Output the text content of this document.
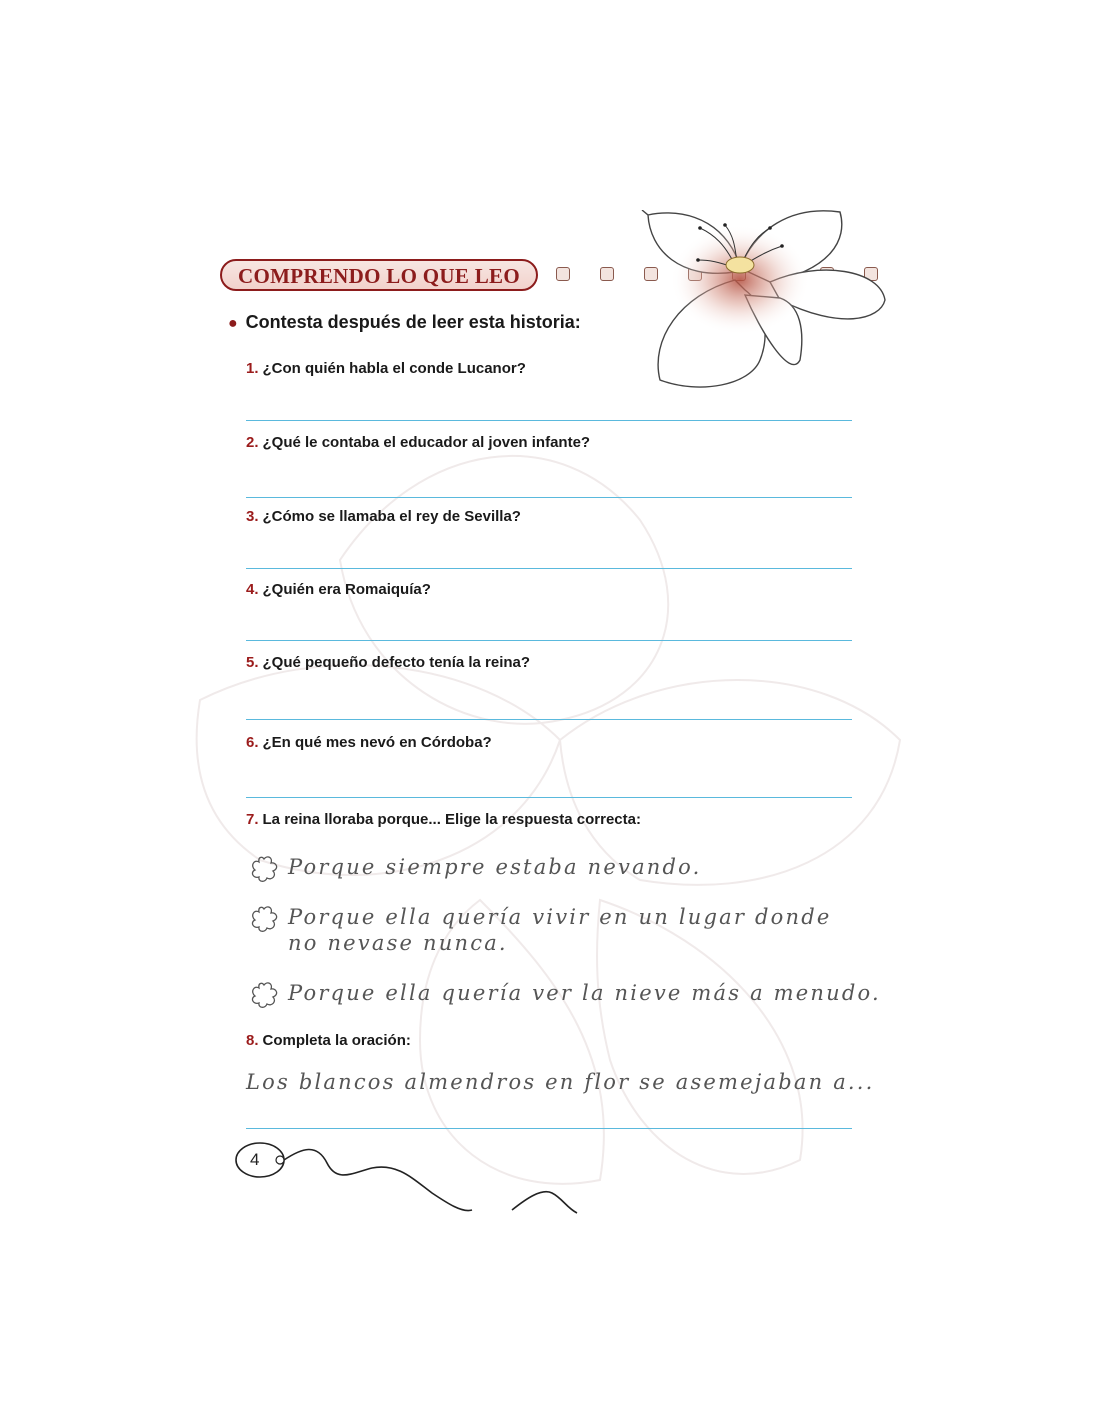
COMPRENDO LO QUE LEO
● Contesta después de leer esta historia:
1. ¿Con quién habla el conde Lucanor?
2. ¿Qué le contaba el educador al joven infante?
3. ¿Cómo se llamaba el rey de Sevilla?
4. ¿Quién era Romaiquía?
5. ¿Qué pequeño defecto tenía la reina?
6. ¿En qué mes nevó en Córdoba?
7. La reina lloraba porque... Elige la respuesta correcta:
Porque siempre estaba nevando.
Porque ella quería vivir en un lugar donde
no nevase nunca.
Porque ella quería ver la nieve más a menudo.
8. Completa la oración:
Los blancos almendros en flor se asemejaban a...
4
